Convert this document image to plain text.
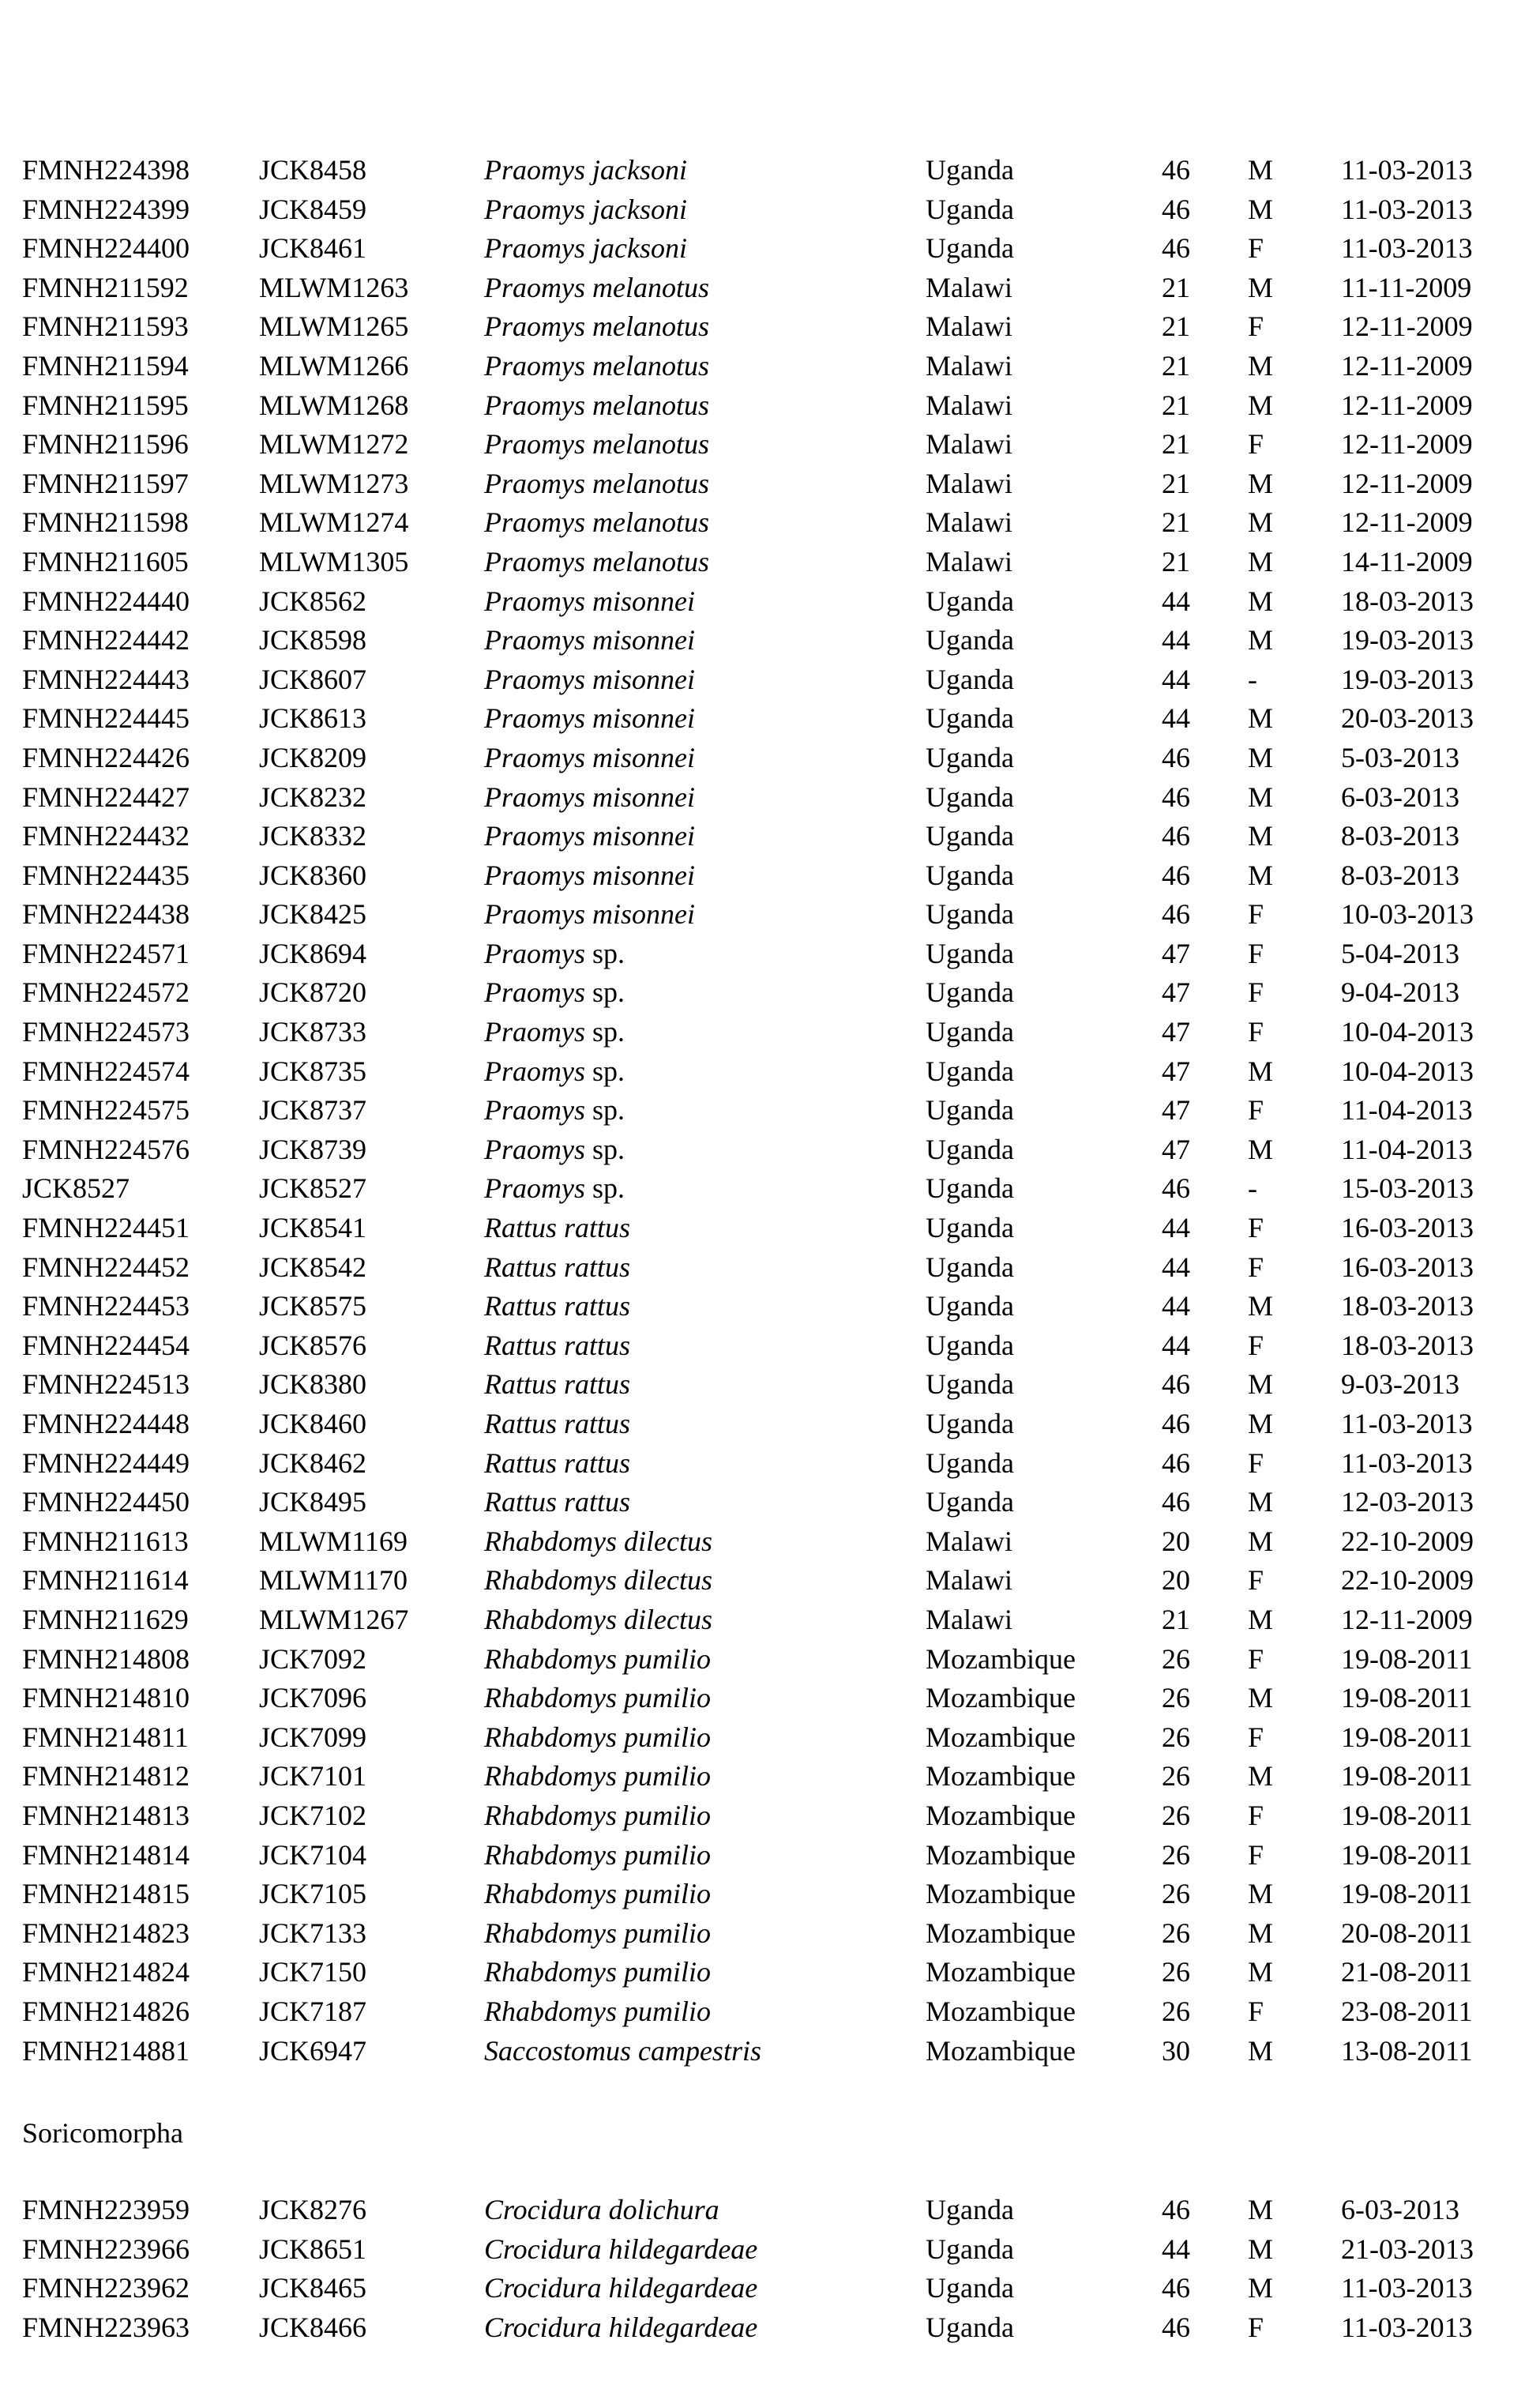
FMNH224398 JCK8458	Praomys jacksoni	Uganda	46 M 11-03-2013
FMNH224399 JCK8459	Praomys jacksoni	Uganda	46 M 11-03-2013
FMNH224400 JCK8461	Praomys jacksoni	Uganda	46 F	11-03-2013
FMNH211592 MLWM1263	Praomys melanotus	Malawi	21 M 11-11-2009
FMNH211593 MLWM1265	Praomys melanotus	Malawi	21 F	12-11-2009
FMNH211594 MLWM1266	Praomys melanotus	Malawi	21 M 12-11-2009
FMNH211595 MLWM1268	Praomys melanotus	Malawi	21 M 12-11-2009
FMNH211596 MLWM1272	Praomys melanotus	Malawi	21 F	12-11-2009
FMNH211597 MLWM1273	Praomys melanotus	Malawi	21 M 12-11-2009
FMNH211598 MLWM1274	Praomys melanotus	Malawi	21 M 12-11-2009
FMNH211605 MLWM1305	Praomys melanotus	Malawi	21 M 14-11-2009
FMNH224440 JCK8562	Praomys misonnei	Uganda	44 M 18-03-2013
FMNH224442 JCK8598	Praomys misonnei	Uganda	44 M 19-03-2013
FMNH224443 JCK8607	Praomys misonnei	Uganda	44 -	19-03-2013
FMNH224445 JCK8613	Praomys misonnei	Uganda	44 M 20-03-2013
FMNH224426 JCK8209	Praomys misonnei	Uganda	46 M 5-03-2013
FMNH224427 JCK8232	Praomys misonnei	Uganda	46 M 6-03-2013
FMNH224432 JCK8332	Praomys misonnei	Uganda	46 M 8-03-2013
FMNH224435 JCK8360	Praomys misonnei	Uganda	46 M 8-03-2013
FMNH224438 JCK8425	Praomys misonnei	Uganda	46 F	10-03-2013
FMNH224571 JCK8694	Praomys sp.	Uganda	47 F	5-04-2013
FMNH224572 JCK8720	Praomys sp.	Uganda	47 F	9-04-2013
FMNH224573 JCK8733	Praomys sp.	Uganda	47 F	10-04-2013
FMNH224574 JCK8735	Praomys sp.	Uganda	47 M 10-04-2013
FMNH224575 JCK8737	Praomys sp.	Uganda	47 F	11-04-2013
FMNH224576 JCK8739	Praomys sp.	Uganda	47 M 11-04-2013
JCK8527	JCK8527	Praomys sp.	Uganda	46 -	15-03-2013
FMNH224451 JCK8541	Rattus rattus	Uganda	44 F	16-03-2013
FMNH224452 JCK8542	Rattus rattus	Uganda	44 F	16-03-2013
FMNH224453 JCK8575	Rattus rattus	Uganda	44 M 18-03-2013
FMNH224454 JCK8576	Rattus rattus	Uganda	44 F	18-03-2013
FMNH224513 JCK8380	Rattus rattus	Uganda	46 M 9-03-2013
FMNH224448 JCK8460	Rattus rattus	Uganda	46 M 11-03-2013
FMNH224449 JCK8462	Rattus rattus	Uganda	46 F	11-03-2013
FMNH224450 JCK8495	Rattus rattus	Uganda	46 M 12-03-2013
FMNH211613 MLWM1169	Rhabdomys dilectus	Malawi	20 M 22-10-2009
FMNH211614 MLWM1170	Rhabdomys dilectus	Malawi	20 F	22-10-2009
FMNH211629 MLWM1267	Rhabdomys dilectus	Malawi	21 M 12-11-2009
FMNH214808 JCK7092	Rhabdomys pumilio	Mozambique	26 F	19-08-2011
FMNH214810 JCK7096	Rhabdomys pumilio	Mozambique	26 M 19-08-2011
FMNH214811 JCK7099	Rhabdomys pumilio	Mozambique	26 F	19-08-2011
FMNH214812 JCK7101	Rhabdomys pumilio	Mozambique	26 M 19-08-2011
FMNH214813 JCK7102	Rhabdomys pumilio	Mozambique	26 F	19-08-2011
FMNH214814 JCK7104	Rhabdomys pumilio	Mozambique	26 F	19-08-2011
FMNH214815 JCK7105	Rhabdomys pumilio	Mozambique	26 M 19-08-2011
FMNH214823 JCK7133	Rhabdomys pumilio	Mozambique	26 M 20-08-2011
FMNH214824 JCK7150	Rhabdomys pumilio	Mozambique	26 M 21-08-2011
FMNH214826 JCK7187	Rhabdomys pumilio	Mozambique	26 F	23-08-2011
FMNH214881 JCK6947	Saccostomus campestris	Mozambique	30 M 13-08-2011
Soricomorpha
FMNH223959 JCK8276	Crocidura dolichura	Uganda	46 M 6-03-2013
FMNH223966 JCK8651	Crocidura hildegardeae	Uganda	44 M 21-03-2013
FMNH223962 JCK8465	Crocidura hildegardeae	Uganda	46 M 11-03-2013
FMNH223963 JCK8466	Crocidura hildegardeae	Uganda	46 F	11-03-2013
